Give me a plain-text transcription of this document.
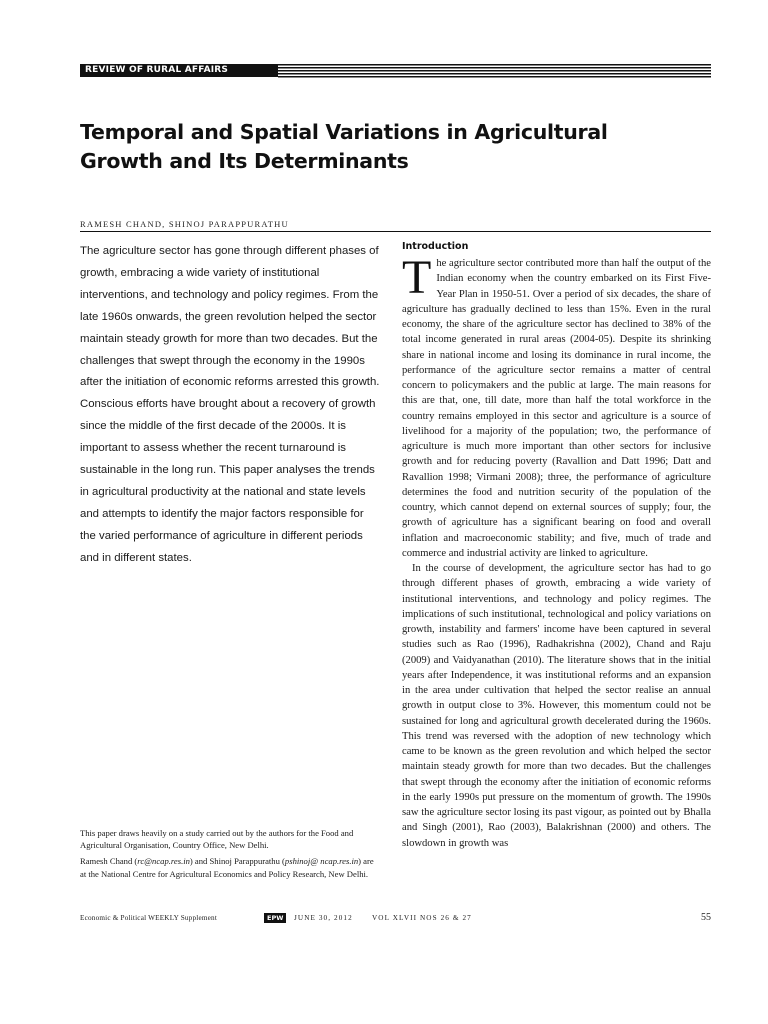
REVIEW OF RURAL AFFAIRS
Temporal and Spatial Variations in Agricultural
Growth and Its Determinants
RAMESH CHAND, SHINOJ PARAPPURATHU

The agriculture sector has gone through different phases of growth, embracing a wide variety of institutional interventions, and technology and policy regimes. From the late 1960s onwards, the green revolution helped the sector maintain steady growth for more than two decades. But the challenges that swept through the economy in the 1990s after the initiation of economic reforms arrested this growth. Conscious efforts have brought about a recovery of growth since the middle of the first decade of the 2000s. It is important to assess whether the recent turnaround is sustainable in the long run. This paper analyses the trends in agricultural productivity at the national and state levels and attempts to identify the major factors responsible for the varied performance of agriculture in different periods and in different states.

This paper draws heavily on a study carried out by the authors for the Food and Agricultural Organisation, Country Office, New Delhi.

Ramesh Chand (rc@ncap.res.in) and Shinoj Parappurathu (pshinoj@ ncap.res.in) are at the National Centre for Agricultural Economics and Policy Research, New Delhi.

Introduction

The agriculture sector contributed more than half the output of the Indian economy when the country embarked on its First Five-Year Plan in 1950-51. Over a period of six decades, the share of agriculture has gradually declined to less than 15%. Even in the rural economy, the share of the agriculture sector has declined to 38% of the total income generated in rural areas (2004-05). Despite its shrinking share in national income and losing its dominance in rural income, the performance of the agriculture sector remains a matter of central concern to policymakers and the public at large. The main reasons for this are that, one, till date, more than half the total workforce in the country remains employed in this sector and agriculture is a source of livelihood for a majority of the population; two, the performance of agriculture is much more important than other sectors for inclusive growth and for reducing poverty (Ravallion and Datt 1996; Datt and Ravallion 1998; Virmani 2008); three, the performance of agriculture determines the food and nutrition security of the population of the country, which cannot depend on external sources of supply; four, the growth of agriculture has a significant bearing on food and overall inflation and macroeconomic stability; and five, much of trade and commerce and industrial activity are linked to agriculture.

In the course of development, the agriculture sector has had to go through different phases of growth, embracing a wide variety of institutional interventions, and technology and policy regimes. The implications of such institutional, technological and policy variations on growth, instability and farmers' income have been captured in several studies such as Rao (1996), Radhakrishna (2002), Chand and Raju (2009) and Vaidyanathan (2010). The literature shows that in the initial years after Independence, it was institutional reforms and an expansion in the area under cultivation that helped the sector realise an annual growth in output close to 3%. However, this momentum could not be sustained for long and agricultural growth decelerated during the 1960s. This trend was reversed with the adoption of new technology which came to be known as the green revolution and which helped the sector maintain steady growth for more than two decades. But the challenges that swept through the economy after the initiation of economic reforms in the early 1990s put pressure on the momentum of growth. The 1990s saw the agriculture sector losing its past vigour, as pointed out by Bhalla and Singh (2001), Rao (2003), Balakrishnan (2000) and others. The slowdown in growth was

Economic & Political WEEKLY Supplement	EPW	JUNE 30, 2012	VOL XLVII NOS 26 & 27	55
